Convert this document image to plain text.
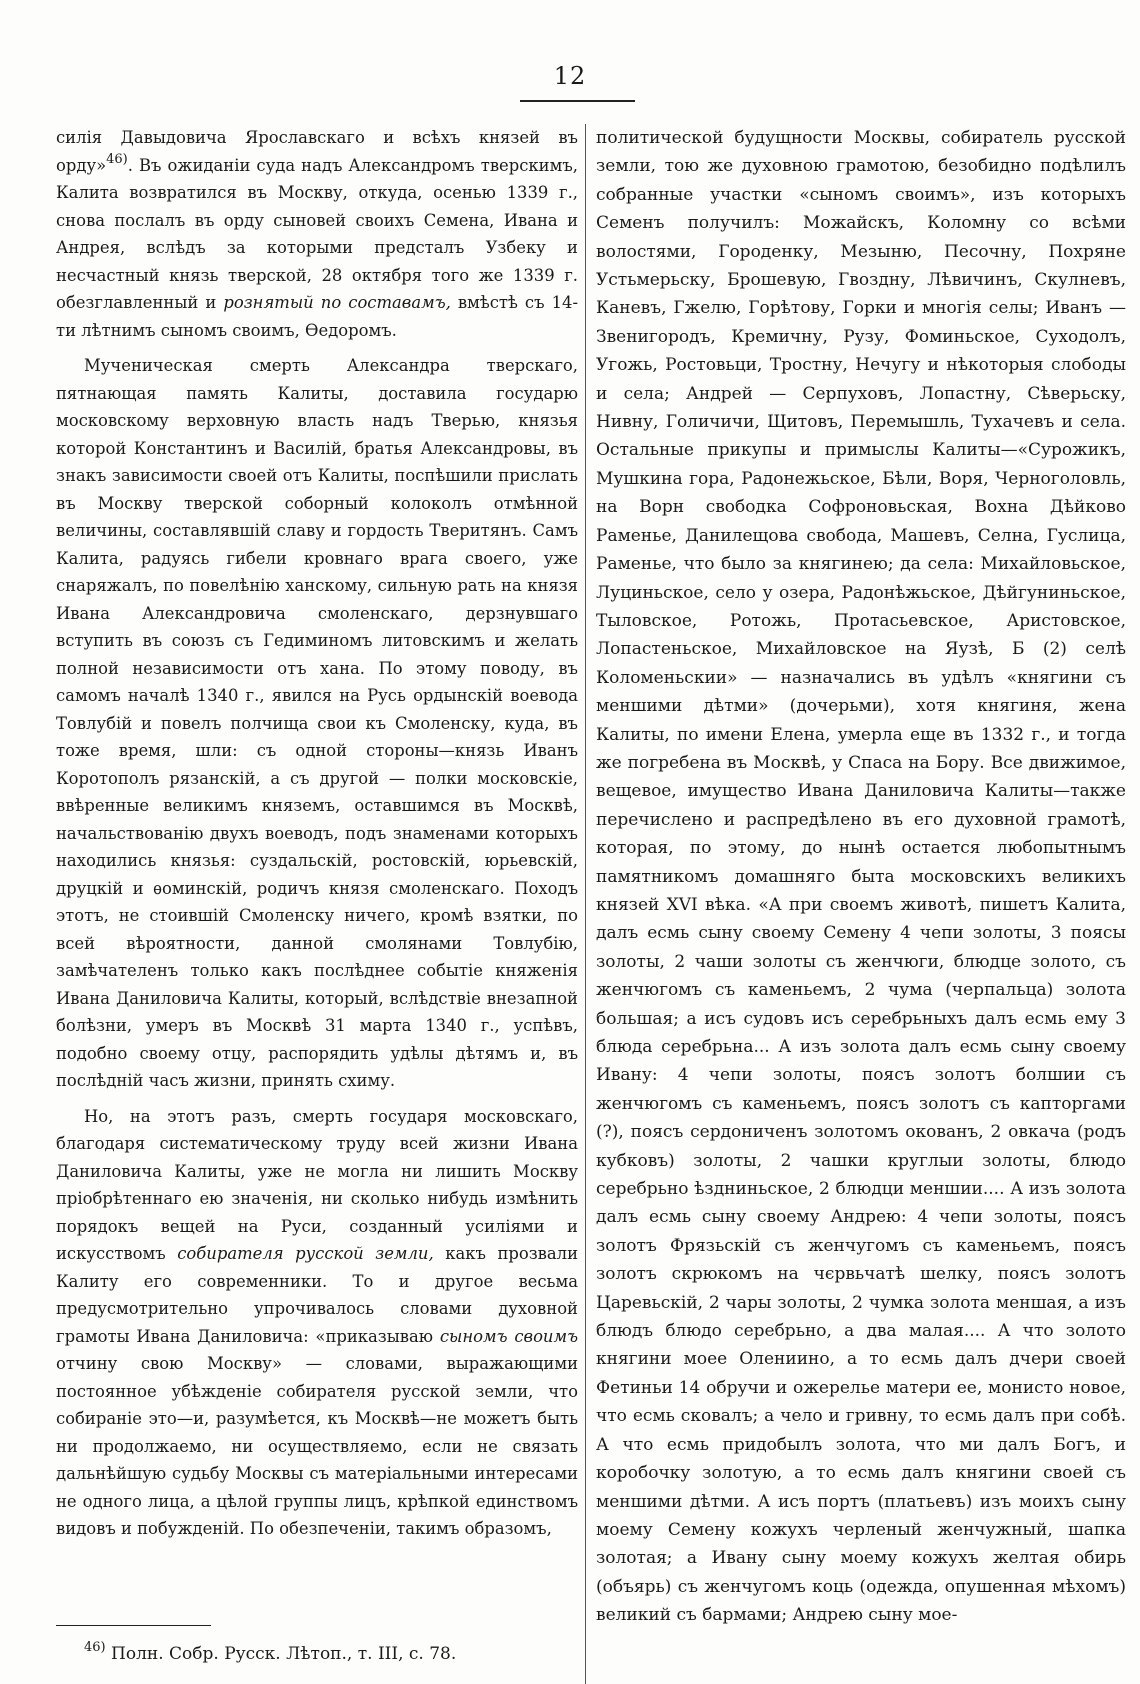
12

силія Давыдовича Ярославскаго и всѣхъ князей въ орду»$^{46)}$. Въ ожиданіи суда надъ Александромъ тверскимъ, Калита возвратился въ Москву, откуда, осенью 1339 г., снова послалъ въ орду сыновей своихъ Семена, Ивана и Андрея, вслѣдъ за которыми предсталъ Узбеку и несчастный князь тверской, 28 октября того же 1339 г. обезглавленный и рознятый по составамъ, вмѣстѣ съ 14-ти лѣтнимъ сыномъ своимъ, Ѳедоромъ.

Мученическая смерть Александра тверскаго, пятнающая память Калиты, доставила государю московскому верховную власть надъ Тверью, князья которой Константинъ и Василій, братья Александровы, въ знакъ зависимости своей отъ Калиты, поспѣшили прислать въ Москву тверской соборный колоколъ отмѣнной величины, составлявшій славу и гордость Тверитянъ. Самъ Калита, радуясь гибели кровнаго врага своего, уже снаряжалъ, по повелѣнію ханскому, сильную рать на князя Ивана Александровича смоленскаго, дерзнувшаго вступить въ союзъ съ Гедиминомъ литовскимъ и желать полной независимости отъ хана. По этому поводу, въ самомъ началѣ 1340 г., явился на Русь ордынскій воевода Товлубій и повелъ полчища свои къ Смоленску, куда, въ тоже время, шли: съ одной стороны—князь Иванъ Коротополъ рязанскій, а съ другой — полки московскіе, ввѣренные великимъ княземъ, оставшимся въ Москвѣ, начальствованію двухъ воеводъ, подъ знаменами которыхъ находились князья: суздальскій, ростовскій, юрьевскій, друцкій и ѳоминскій, родичъ князя смоленскаго. Походъ этотъ, не стоившій Смоленску ничего, кромѣ взятки, по всей вѣроятности, данной смолянами Товлубію, замѣчателенъ только какъ послѣднее событіе княженія Ивана Даниловича Калиты, который, вслѣдствіе внезапной болѣзни, умеръ въ Москвѣ 31 марта 1340 г., успѣвъ, подобно своему отцу, распорядить удѣлы дѣтямъ и, въ послѣдній часъ жизни, принять схиму.

Но, на этотъ разъ, смерть государя московскаго, благодаря систематическому труду всей жизни Ивана Даниловича Калиты, уже не могла ни лишить Москву пріобрѣтеннаго ею значенія, ни сколько нибудь измѣнить порядокъ вещей на Руси, созданный усиліями и искусствомъ собирателя русской земли, какъ прозвали Калиту его современники. То и другое весьма предусмотрительно упрочивалось словами духовной грамоты Ивана Даниловича: «приказываю сыномъ своимъ отчину свою Москву» — словами, выражающими постоянное убѣжденіе собирателя русской земли, что собираніе это—и, разумѣется, къ Москвѣ—не можетъ быть ни продолжаемо, ни осуществляемо, если не связать дальнѣйшую судьбу Москвы съ матеріальными интересами не одного лица, а цѣлой группы лицъ, крѣпкой единствомъ видовъ и побужденій. По обезпеченіи, такимъ образомъ,

политической будущности Москвы, собиратель русской земли, тою же духовною грамотою, безобидно подѣлилъ собранные участки «сыномъ своимъ», изъ которыхъ Семенъ получилъ: Можайскъ, Коломну со всѣми волостями, Городенку, Мезыню, Песочну, Похряне Устьмерьску, Брошевую, Гвоздну, Лѣвичинъ, Скулневъ, Каневъ, Гжелю, Горѣтову, Горки и многія селы; Иванъ — Звенигородъ, Кремичну, Рузу, Фоминьское, Суходолъ, Угожь, Ростовьци, Тростну, Нечугу и нѣкоторыя слободы и села; Андрей — Серпуховъ, Лопастну, Сѣверьску, Нивну, Голичичи, Щитовъ, Перемышль, Тухачевъ и села. Остальные прикупы и примыслы Калиты—«Сурожикъ, Мушкина гора, Радонежьское, Бѣли, Воря, Черноголовль, на Ворн свободка Софроновьская, Вохна Дѣйково Раменье, Данилещова свобода, Машевъ, Селна, Гуслица, Раменье, что было за княгинею; да села: Михайловьское, Луциньское, село у озера, Радонѣжьское, Дѣйгуниньское, Тыловское, Ротожь, Протасьевское, Аристовское, Лопастеньское, Михайловское на Яузѣ, Б (2) селѣ Коломеньскии» — назначались въ удѣлъ «княгини съ меншими дѣтми» (дочерьми), хотя княгиня, жена Калиты, по имени Елена, умерла еще въ 1332 г., и тогда же погребена въ Москвѣ, у Спаса на Бору. Все движимое, вещевое, имущество Ивана Даниловича Калиты—также перечислено и распредѣлено въ его духовной грамотѣ, которая, по этому, до нынѣ остается любопытнымъ памятникомъ домашняго быта московскихъ великихъ князей XVI вѣка. «А при своемъ животѣ, пишетъ Калита, далъ есмь сыну своему Семену 4 чепи золоты, 3 поясы золоты, 2 чаши золоты съ женчюги, блюдце золото, съ женчюгомъ съ каменьемъ, 2 чума (черпальца) золота большая; а исъ судовъ исъ серебрьныхъ далъ есмь ему 3 блюда серебрьна... А изъ золота далъ есмь сыну своему Ивану: 4 чепи золоты, поясъ золотъ болшии съ женчюгомъ съ каменьемъ, поясъ золотъ съ капторгами (?), поясъ сердониченъ золотомъ окованъ, 2 овкача (родъ кубковъ) золоты, 2 чашки круглыи золоты, блюдо серебрьно ѣздниньское, 2 блюдци меншии.... А изъ золота далъ есмь сыну своему Андрею: 4 чепи золоты, поясъ золотъ Фрязьскій съ женчугомъ съ каменьемъ, поясъ золотъ скрюкомъ на чєрвьчатѣ шелку, поясъ золотъ Царевьскій, 2 чары золоты, 2 чумка золота меншая, а изъ блюдъ блюдо серебрьно, а два малая.... А что золото княгини моее Олениино, а то есмь далъ дчери своей Фетиньи 14 обручи и ожерелье матери ее, монисто новое, что есмь сковалъ; а чело и гривну, то есмь далъ при собѣ. А что есмь придобылъ золота, что ми далъ Богъ, и коробочку золотую, а то есмь далъ княгини своей съ меншими дѣтми. А исъ портъ (платьевъ) изъ моихъ сыну моему Семену кожухъ черленый женчужный, шапка золотая; а Ивану сыну моему кожухъ желтая обирь (объярь) съ женчугомъ коць (одежда, опушенная мѣхомъ) великий съ бармами; Андрею сыну мое-

$^{46)}$ Полн. Собр. Русск. Лѣтоп., т. III, с. 78.
